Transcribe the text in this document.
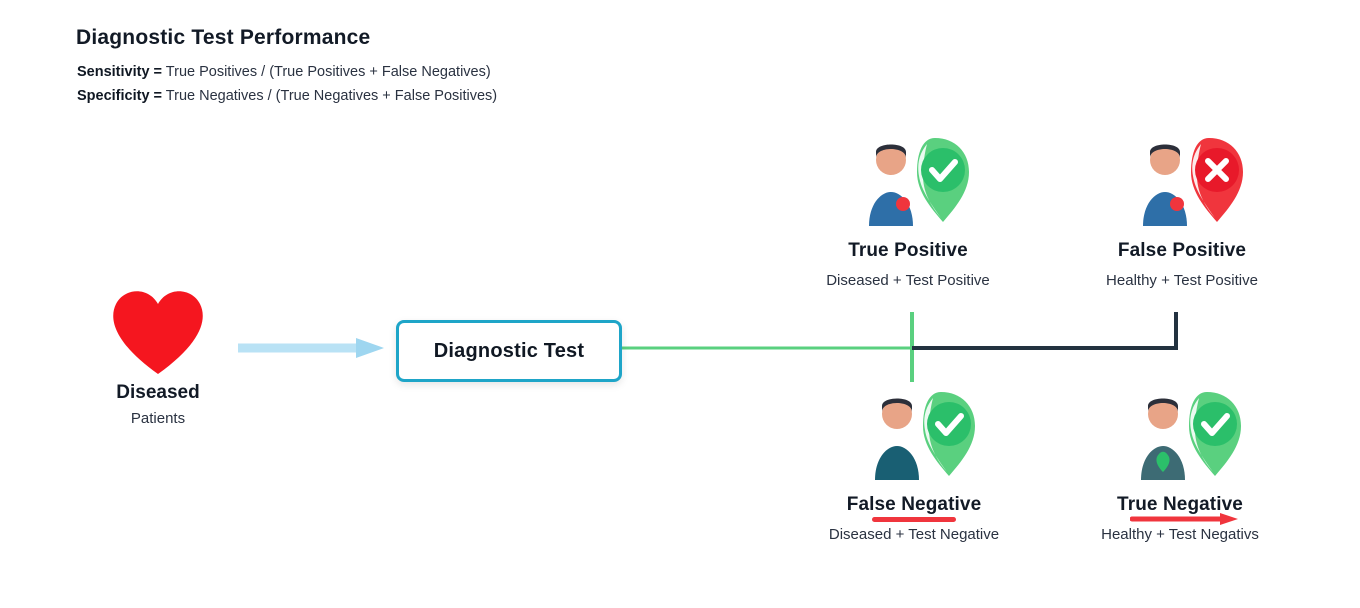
Diagnostic Test Performance
Sensitivity = True Positives / (True Positives + False Negatives)
Specificity = True Negatives / (True Negatives + False Positives)
Diseased
Patients
Diagnostic Test
True Positive
Diseased + Test Positive
False Positive
Healthy + Test Positive
False Negative
Diseased + Test Negative
True Negative
Healthy + Test Negativs
